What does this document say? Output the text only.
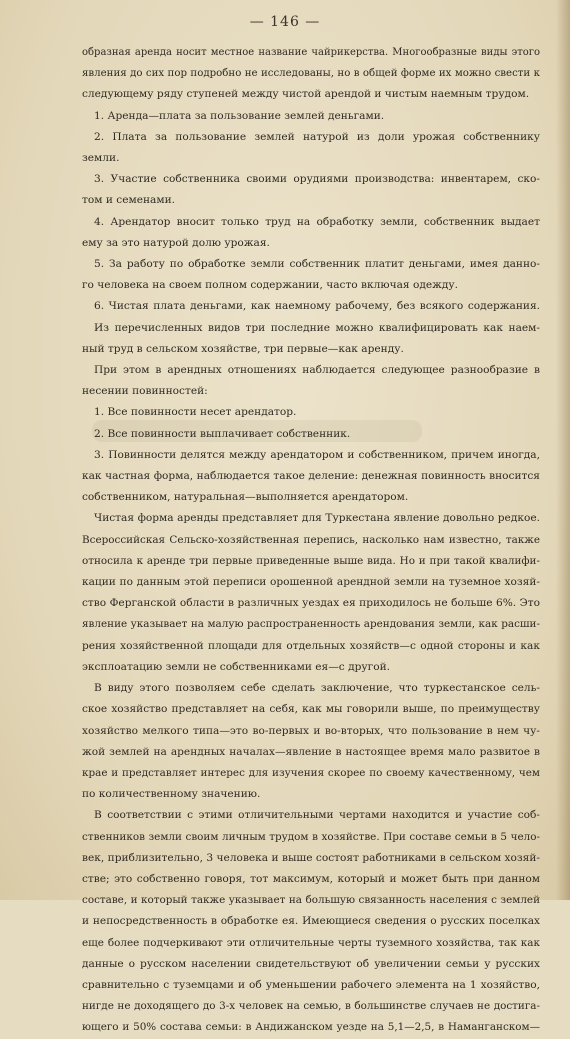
— 146 —
образная аренда носит местное название чайрикерства. Многообразные виды этого
явления до сих пор подробно не исследованы, но в общей форме их можно свести к
следующему ряду ступеней между чистой арендой и чистым наемным трудом.
1. Аренда—плата за пользование землей деньгами.
2. Плата за пользование землей натурой из доли урожая собственнику
земли.
3. Участие собственника своими орудиями производства: инвентарем, ско-
том и семенами.
4. Арендатор вносит только труд на обработку земли, собственник выдает
ему за это натурой долю урожая.
5. За работу по обработке земли собственник платит деньгами, имея данно-
го человека на своем полном содержании, часто включая одежду.
6. Чистая плата деньгами, как наемному рабочему, без всякого содержания.
Из перечисленных видов три последние можно квалифицировать как наем-
ный труд в сельском хозяйстве, три первые—как аренду.
При этом в арендных отношениях наблюдается следующее разнообразие в
несении повинностей:
1. Все повинности несет арендатор.
2. Все повинности выплачивает собственник.
3. Повинности делятся между арендатором и собственником, причем иногда,
как частная форма, наблюдается такое деление: денежная повинность вносится
собственником, натуральная—выполняется арендатором.
Чистая форма аренды представляет для Туркестана явление довольно редкое.
Всероссийская Сельско-хозяйственная перепись, насколько нам известно, также
относила к аренде три первые приведенные выше вида. Но и при такой квалифи-
кации по данным этой переписи орошенной арендной земли на туземное хозяй-
ство Ферганской области в различных уездах ея приходилось не больше 6%. Это
явление указывает на малую распространенность арендования земли, как расши-
рения хозяйственной площади для отдельных хозяйств—с одной стороны и как
эксплоатацию земли не собственниками ея—с другой.
В виду этого позволяем себе сделать заключение, что туркестанское сель-
ское хозяйство представляет на себя, как мы говорили выше, по преимуществу
хозяйство мелкого типа—это во-первых и во-вторых, что пользование в нем чу-
жой землей на арендных началах—явление в настоящее время мало развитое в
крае и представляет интерес для изучения скорее по своему качественному, чем
по количественному значению.
В соответствии с этими отличительными чертами находится и участие соб-
ственников земли своим личным трудом в хозяйстве. При составе семьи в 5 чело-
век, приблизительно, 3 человека и выше состоят работниками в сельском хозяй-
стве; это собственно говоря, тот максимум, который и может быть при данном
составе, и который также указывает на большую связанность населения с землей
и непосредственность в обработке ея. Имеющиеся сведения о русских поселках
еще более подчеркивают эти отличительные черты туземного хозяйства, так как
данные о русском населении свидетельствуют об увеличении семьи у русских
сравнительно с туземцами и об уменьшении рабочего элемента на 1 хозяйство,
нигде не доходящего до 3-х человек на семью, в большинстве случаев не достига-
ющего и 50% состава семьи: в Андижанском уезде на 5,1—2,5, в Наманганском—
